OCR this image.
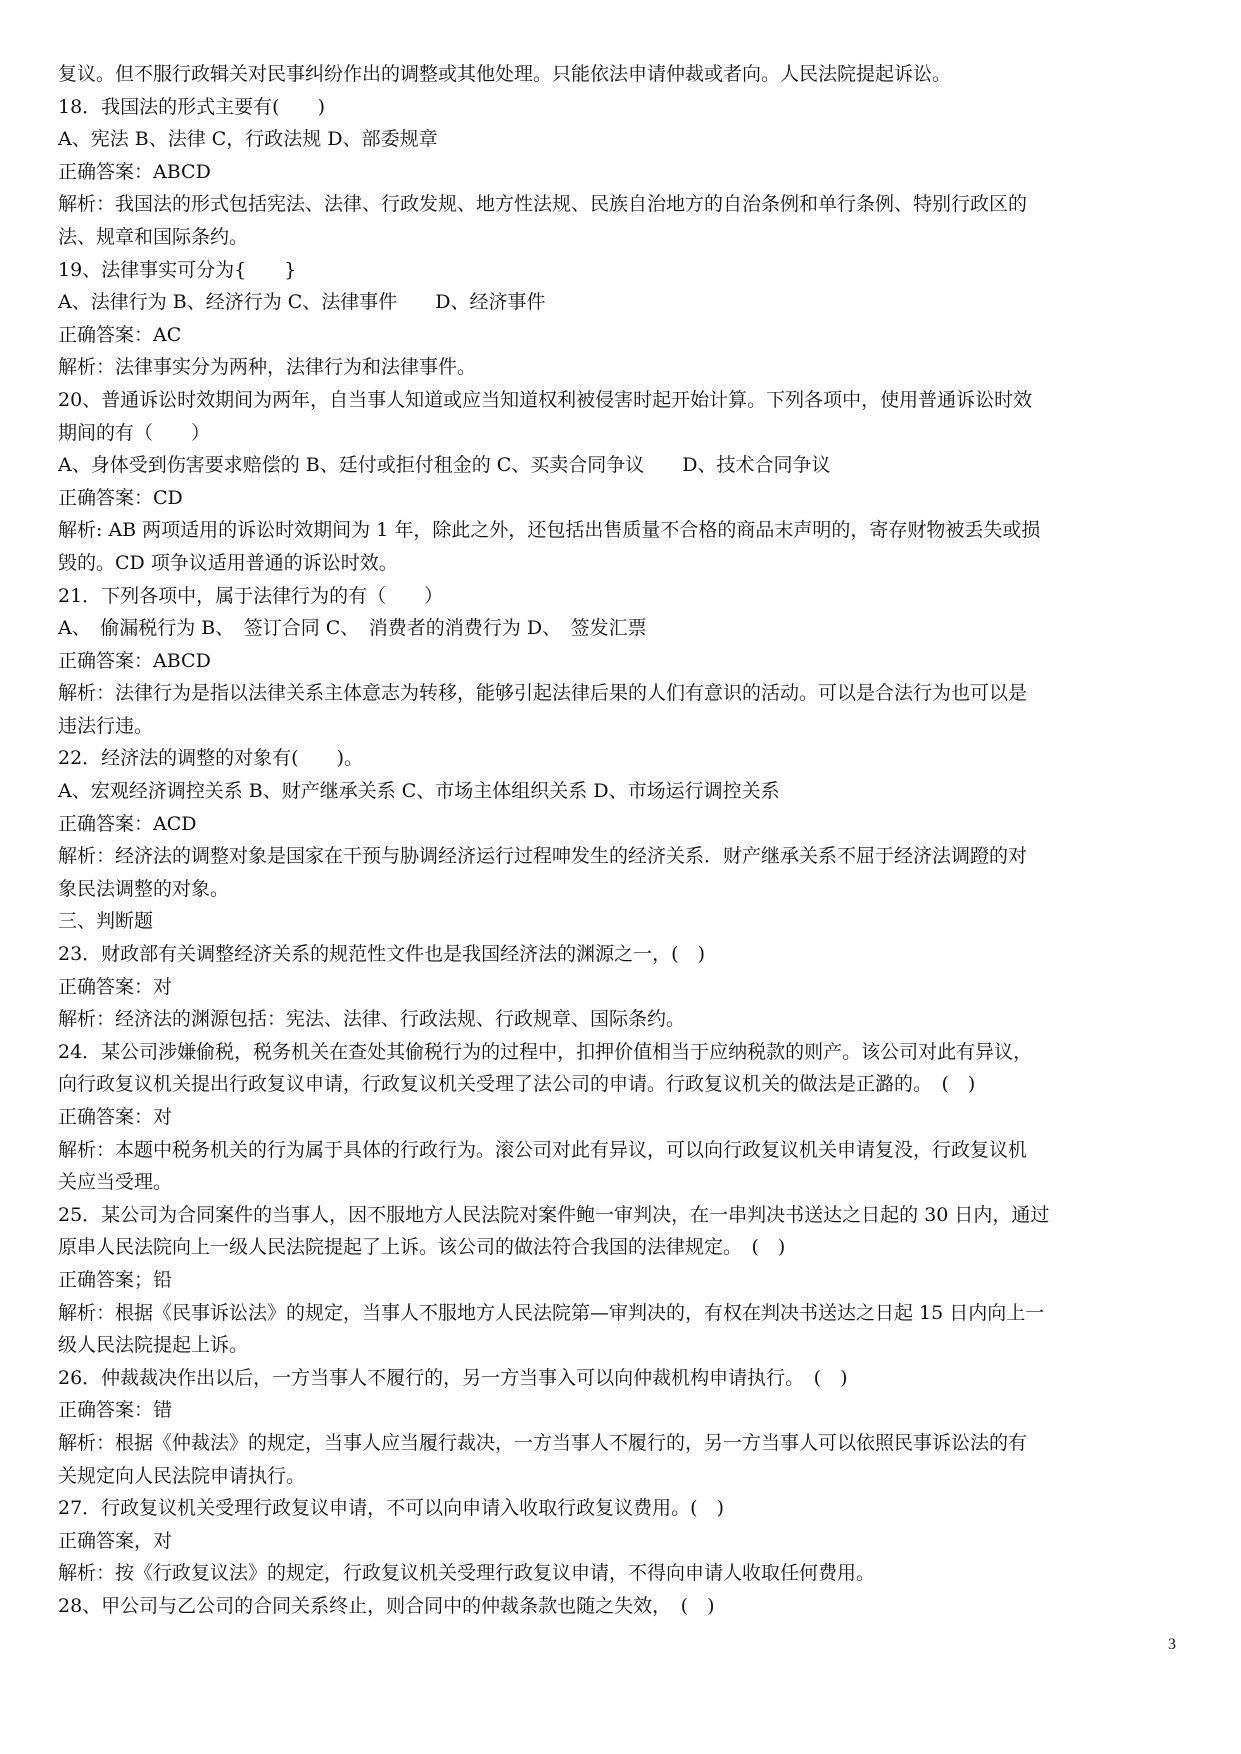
复议。但不服行政辑关对民事纠纷作出的调整或其他处理。只能依法申请仲裁或者向。人民法院提起诉讼。

18．我国法的形式主要有(　　)

A、宪法 B、法律 C，行政法规 D、部委规章

正确答案：ABCD

解析：我国法的形式包括宪法、法律、行政发规、地方性法规、民族自治地方的自治条例和单行条例、特别行政区的

法、规章和国际条约。

19、法律事实可分为{　　}

A、法律行为 B、经济行为 C、法律事件　　D、经济事件

正确答案：AC

解析：法律事实分为两种，法律行为和法律事件。

20、普通诉讼时效期间为两年，自当事人知道或应当知道权利被侵害时起开始计算。下列各项中，使用普通诉讼时效

期间的有（　　）

A、身体受到伤害要求赔偿的 B、廷付或拒付租金的 C、买卖合同争议　　D、技术合同争议

正确答案：CD

解析: AB 两项适用的诉讼时效期间为 1 年，除此之外，还包括出售质量不合格的商品末声明的，寄存财物被丢失或损

毁的。CD 项争议适用普通的诉讼时效。

21．下列各项中，属于法律行为的有（　　）

A、　偷漏税行为 B、　签订合同 C、　消费者的消费行为 D、　签发汇票

正确答案：ABCD

解析：法律行为是指以法律关系主体意志为转移，能够引起法律后果的人们有意识的活动。可以是合法行为也可以是

违法行违。

22．经济法的调整的对象有(　　)。

A、宏观经济调控关系 B、财产继承关系 C、市场主体组织关系 D、市场运行调控关系

正确答案：ACD

解析：经济法的调整对象是国家在干预与胁调经济运行过程呻发生的经济关系．财产继承关系不屈于经济法调蹬的对

象民法调整的对象。

三、判断题

23．财政部有关调整经济关系的规范性文件也是我国经济法的渊源之一，(　)

正确答案：对

解析：经济法的渊源包括：宪法、法律、行政法规、行政规章、国际条约。

24．某公司涉嫌偷税，税务机关在查处其偷税行为的过程中，扣押价值相当于应纳税款的则产。该公司对此有异议，

向行政复议机关提出行政复议申请，行政复议机关受理了法公司的申请。行政复议机关的做法是正潞的。　(　)

正确答案：对

解析：本题中税务机关的行为属于具体的行政行为。滚公司对此有异议，可以向行政复议机关申请复没，行政复议机

关应当受理。

25．某公司为合同案件的当事人，因不服地方人民法院对案件鲍一审判决，在一串判决书送达之日起的 30 日内，通过

原串人民法院向上一级人民法院提起了上诉。该公司的做法符合我国的法律规定。　(　)

正确答案；铅

解析：根据《民事诉讼法》的规定，当事人不服地方人民法院第—审判决的，有权在判决书送达之日起 15 日内向上一

级人民法院提起上诉。

26．仲裁裁决作出以后，一方当事人不履行的，另一方当事入可以向仲裁机构申请执行。　(　)

正确答案：错

解析：根据《仲裁法》的规定，当事人应当履行裁决，一方当事人不履行的，另一方当事人可以依照民事诉讼法的有

关规定向人民法院申请执行。

27．行政复议机关受理行政复议申请，不可以向申请入收取行政复议费用。(　)

正确答案，对

解析：按《行政复议法》的规定，行政复议机关受理行政复议申请，不得向申请人收取任何费用。

28、甲公司与乙公司的合同关系终止，则合同中的仲裁条款也随之失效，　(　)

3
